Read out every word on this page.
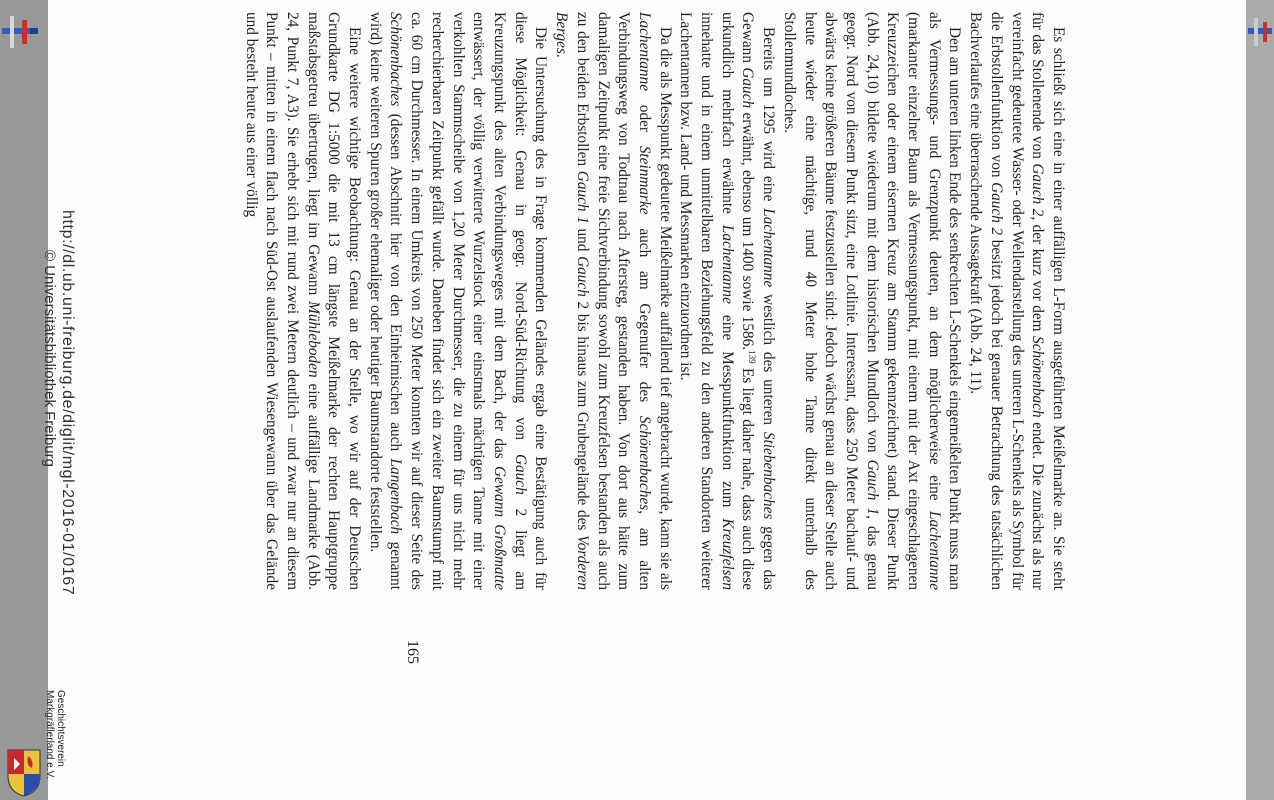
Es schließt sich eine in einer auffälligen L-Form ausgeführten Meißelmarke an. Sie steht für das Stollenende von Gauch 2, der kurz vor dem Schönenbach endet. Die zunächst als nur vereinfacht gedeutete Wasser- oder Wellendarstellung des unteren L-Schenkels als Symbol für die Erbstollenfunktion von Gauch 2 besitzt jedoch bei genauer Betrachtung des tatsächlichen Bachverlaufes eine überraschende Aussagekraft (Abb. 24, 11).

Den am unteren linken Ende des senkrechten L-Schenkels eingemeißelten Punkt muss man als Vermessungs- und Grenzpunkt deuten, an dem möglicherweise eine Lachentanne (markanter einzelner Baum als Vermessungspunkt, mit einem mit der Axt eingeschlagenen Kreuzzeichen oder einem eisernen Kreuz am Stamm gekennzeichnet) stand. Dieser Punkt (Abb. 24,10) bildete wiederum mit dem historischen Mundloch von Gauch 1, das genau geogr. Nord von diesem Punkt sitzt, eine Lotlinie. Interessant, dass 250 Meter bachauf- und abwärts keine größeren Bäume festzustellen sind: Jedoch wächst genau an dieser Stelle auch heute wieder eine mächtige, rund 40 Meter hohe Tanne direkt unterhalb des Stollenmundloches.

Bereits um 1295 wird eine Lachentanne westlich des unteren Stiebenbaches gegen das Gewann Gauch erwähnt, ebenso um 1400 sowie 1586.$^{139}$ Es liegt daher nahe, dass auch diese urkundlich mehrfach erwähnte Lachentanne eine Messpunktfunktion zum Kreuzfelsen innehatte und in einem unmittelbaren Beziehungsfeld zu den anderen Standorten weiterer Lachentannen bzw. Land- und Messmarken einzuordnen ist.

Da die als Messpunkt gedeutete Meißelmarke auffallend tief angebracht wurde, kann sie als Lachentanne oder Steinmarke auch am Gegenufer des Schönenbaches, am alten Verbindungsweg von Todtnau nach Aftersteg, gestanden haben. Von dort aus hätte zum damaligen Zeitpunkt eine freie Sichtverbindung sowohl zum Kreuzfelsen bestanden als auch zu den beiden Erbstollen Gauch 1 und Gauch 2 bis hinaus zum Grubengelände des Vorderen Berges.

Die Untersuchung des in Frage kommenden Geländes ergab eine Bestätigung auch für diese Möglichkeit: Genau in geogr. Nord-Süd-Richtung von Gauch 2 liegt am Kreuzungspunkt des alten Verbindungsweges mit dem Bach, der das Gewann Großmatte entwässert, der völlig verwitterte Wurzelstock einer einstmals mächtigen Tanne mit einer verkohlten Stammscheibe von 1,20 Meter Durchmesser, die zu einem für uns nicht mehr recherchierbaren Zeitpunkt gefällt wurde. Daneben findet sich ein zweiter Baumstumpf mit ca. 60 cm Durchmesser. In einem Umkreis von 250 Meter konnten wir auf dieser Seite des Schönenbaches (dessen Abschnitt hier von den Einheimischen auch Langenbach genannt wird) keine weiteren Spuren großer ehemaliger oder heutiger Baumstandorte feststellen.

Eine weitere wichtige Beobachtung: Genau an der Stelle, wo wir auf der Deutschen Grundkarte DG 1:5000 die mit 13 cm längste Meißelmarke der rechten Hauptgruppe maßstabsgetreu übertrugen, liegt im Gewann Mühleboden eine auffällige Landmarke (Abb. 24, Punkt 7, A3). Sie erhebt sich mit rund zwei Metern deutlich – und zwar nur an diesem Punkt – mitten in einem flach nach Süd-Ost auslaufenden Wiesengewann über das Gelände und besteht heute aus einer völlig

165
http://dl.ub.uni-freiburg.de/diglit/mgl-2016-01/0167
© Universitätsbibliothek Freiburg
Geschichtsverein
Markgräflerland e.V.
